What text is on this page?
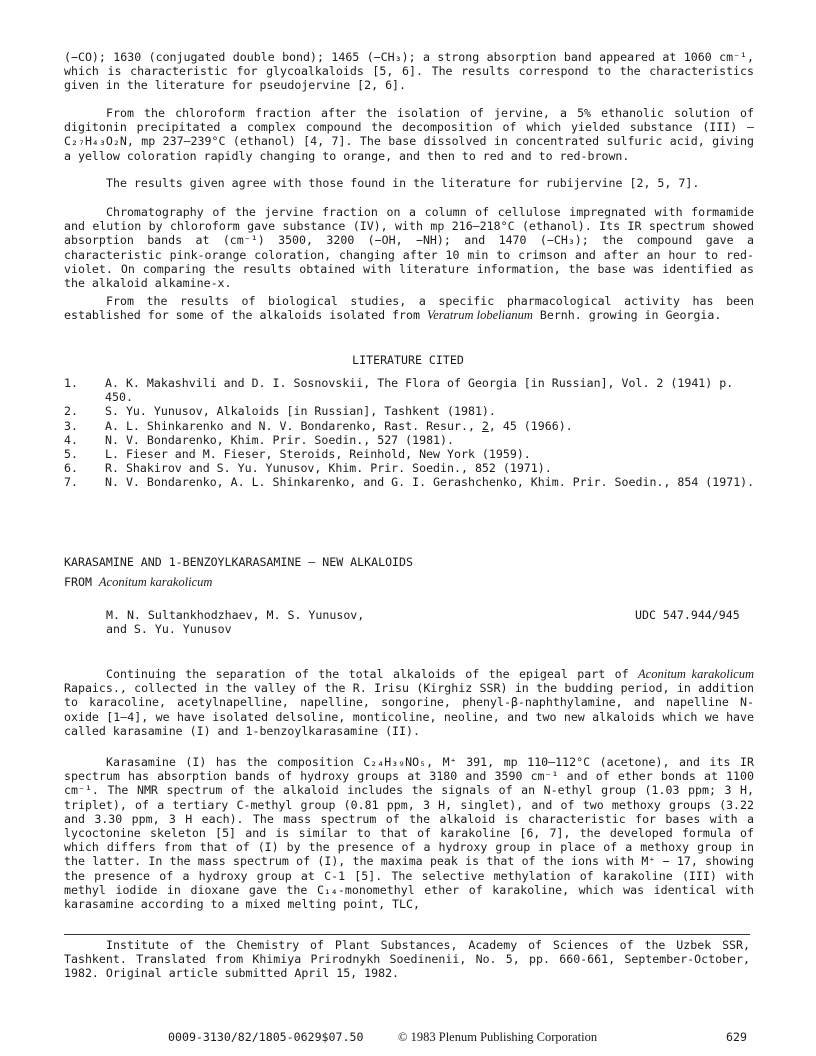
(−CO); 1630 (conjugated double bond); 1465 (−CH₃); a strong absorption band appeared at 1060 cm⁻¹, which is characteristic for glycoalkaloids [5, 6]. The results correspond to the characteristics given in the literature for pseudojervine [2, 6].

From the chloroform fraction after the isolation of jervine, a 5% ethanolic solution of digitonin precipitated a complex compound the decomposition of which yielded substance (III) — C₂₇H₄₃O₂N, mp 237–239°C (ethanol) [4, 7]. The base dissolved in concentrated sulfuric acid, giving a yellow coloration rapidly changing to orange, and then to red and to red-brown.

The results given agree with those found in the literature for rubijervine [2, 5, 7].

Chromatography of the jervine fraction on a column of cellulose impregnated with formamide and elution by chloroform gave substance (IV), with mp 216–218°C (ethanol). Its IR spectrum showed absorption bands at (cm⁻¹) 3500, 3200 (−OH, −NH); and 1470 (−CH₃); the compound gave a characteristic pink-orange coloration, changing after 10 min to crimson and after an hour to red-violet. On comparing the results obtained with literature information, the base was identified as the alkaloid alkamine-x.

From the results of biological studies, a specific pharmacological activity has been established for some of the alkaloids isolated from Veratrum lobelianum Bernh. growing in Georgia.

LITERATURE CITED
1.	A. K. Makashvili and D. I. Sosnovskii, The Flora of Georgia [in Russian], Vol. 2 (1941) p. 450.
2.	S. Yu. Yunusov, Alkaloids [in Russian], Tashkent (1981).
3.	A. L. Shinkarenko and N. V. Bondarenko, Rast. Resur., 2, 45 (1966).
4.	N. V. Bondarenko, Khim. Prir. Soedin., 527 (1981).
5.	L. Fieser and M. Fieser, Steroids, Reinhold, New York (1959).
6.	R. Shakirov and S. Yu. Yunusov, Khim. Prir. Soedin., 852 (1971).
7.	N. V. Bondarenko, A. L. Shinkarenko, and G. I. Gerashchenko, Khim. Prir. Soedin., 854 (1971).
KARASAMINE AND 1-BENZOYLKARASAMINE — NEW ALKALOIDS
FROM Aconitum karakolicum
M. N. Sultankhodzhaev, M. S. Yunusov,
and S. Yu. Yunusov
UDC 547.944/945

Continuing the separation of the total alkaloids of the epigeal part of Aconitum karakolicum Rapaics., collected in the valley of the R. Irisu (Kirghiz SSR) in the budding period, in addition to karacoline, acetylnapelline, napelline, songorine, phenyl-β-naphthylamine, and napelline N-oxide [1–4], we have isolated delsoline, monticoline, neoline, and two new alkaloids which we have called karasamine (I) and 1-benzoylkarasamine (II).

Karasamine (I) has the composition C₂₄H₃₉NO₅, M⁺ 391, mp 110–112°C (acetone), and its IR spectrum has absorption bands of hydroxy groups at 3180 and 3590 cm⁻¹ and of ether bonds at 1100 cm⁻¹. The NMR spectrum of the alkaloid includes the signals of an N-ethyl group (1.03 ppm; 3 H, triplet), of a tertiary C-methyl group (0.81 ppm, 3 H, singlet), and of two methoxy groups (3.22 and 3.30 ppm, 3 H each). The mass spectrum of the alkaloid is characteristic for bases with a lycoctonine skeleton [5] and is similar to that of karakoline [6, 7], the developed formula of which differs from that of (I) by the presence of a hydroxy group in place of a methoxy group in the latter. In the mass spectrum of (I), the maxima peak is that of the ions with M⁺ − 17, showing the presence of a hydroxy group at C-1 [5]. The selective methylation of karakoline (III) with methyl iodide in dioxane gave the C₁₄-monomethyl ether of karakoline, which was identical with karasamine according to a mixed melting point, TLC,

Institute of the Chemistry of Plant Substances, Academy of Sciences of the Uzbek SSR, Tashkent. Translated from Khimiya Prirodnykh Soedinenii, No. 5, pp. 660-661, September-October, 1982. Original article submitted April 15, 1982.
0009-3130/82/1805-0629$07.50	© 1983 Plenum Publishing Corporation	629
